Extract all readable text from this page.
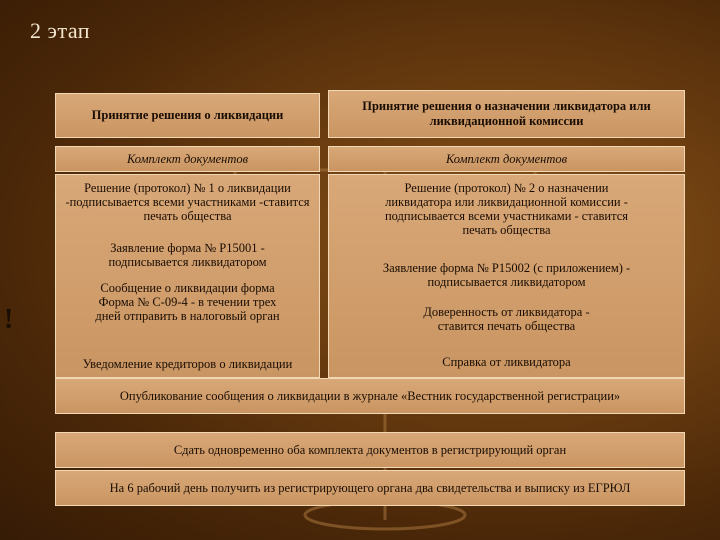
2 этап
Принятие решения о ликвидации
Принятие решения о назначении ликвидатора или ликвидационной комиссии
Комплект документов	Комплект документов
Решение (протокол) № 1 о ликвидации -подписывается всеми участниками -ставится печать общества
Заявление форма № Р15001 - подписывается ликвидатором
Сообщение о ликвидации форма Форма № С-09-4 - в течении трех дней отправить в налоговый орган
Уведомление кредиторов о ликвидации
!
Решение (протокол) № 2 о назначении ликвидатора или ликвидационной комиссии - подписывается всеми участниками - ставится печать общества
Заявление форма № Р15002 (с приложением) - подписывается ликвидатором
Доверенность от ликвидатора - ставится печать общества
Справка от ликвидатора
Опубликование сообщения о ликвидации в журнале «Вестник государственной регистрации»
Сдать одновременно оба комплекта документов в регистрирующий орган
На 6 рабочий день получить из регистрирующего органа два свидетельства и выписку из ЕГРЮЛ
